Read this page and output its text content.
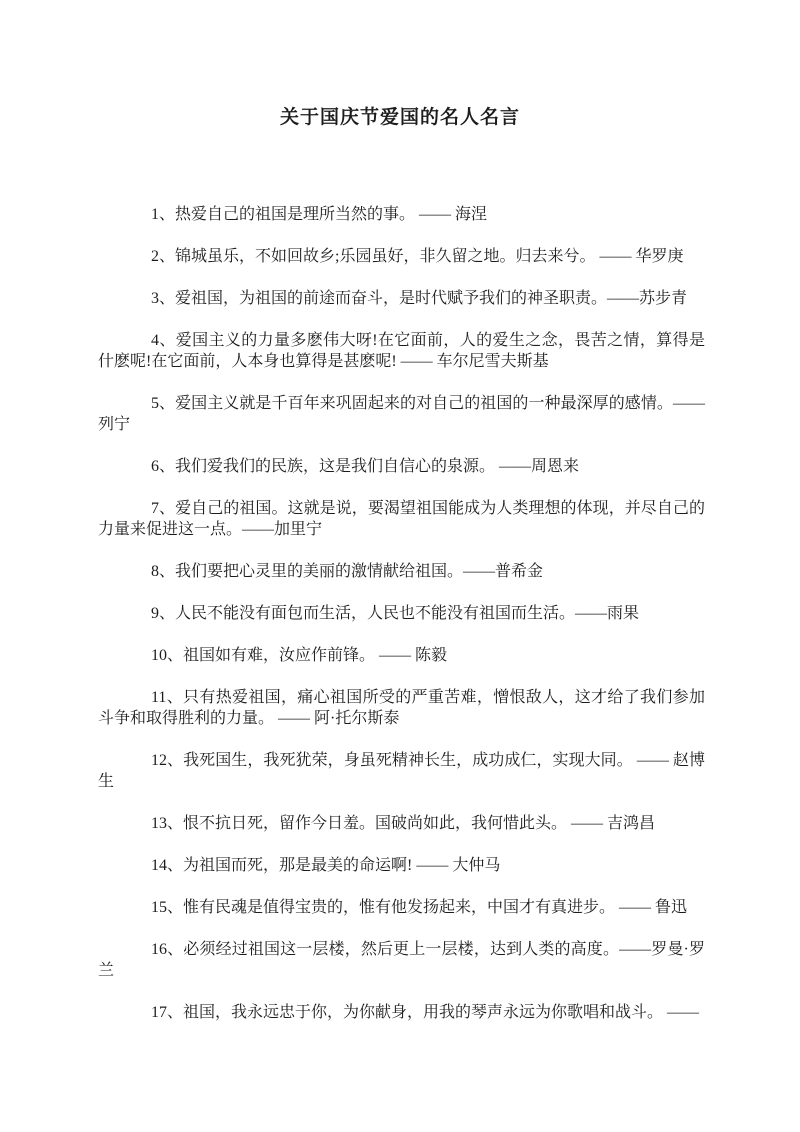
关于国庆节爱国的名人名言

1、热爱自己的祖国是理所当然的事。 —— 海涅

2、锦城虽乐，不如回故乡;乐园虽好，非久留之地。归去来兮。 —— 华罗庚

3、爱祖国，为祖国的前途而奋斗，是时代赋予我们的神圣职责。——苏步青

4、爱国主义的力量多麽伟大呀!在它面前，人的爱生之念，畏苦之情，算得是什麽呢!在它面前，人本身也算得是甚麽呢! —— 车尔尼雪夫斯基

5、爱国主义就是千百年来巩固起来的对自己的祖国的一种最深厚的感情。——列宁

6、我们爱我们的民族，这是我们自信心的泉源。 ——周恩来

7、爱自己的祖国。这就是说，要渴望祖国能成为人类理想的体现，并尽自己的力量来促进这一点。——加里宁

8、我们要把心灵里的美丽的激情献给祖国。——普希金

9、人民不能没有面包而生活，人民也不能没有祖国而生活。——雨果

10、祖国如有难，汝应作前锋。 —— 陈毅

11、只有热爱祖国，痛心祖国所受的严重苦难，憎恨敌人，这才给了我们参加斗争和取得胜利的力量。 —— 阿·托尔斯泰

12、我死国生，我死犹荣，身虽死精神长生，成功成仁，实现大同。 —— 赵博生

13、恨不抗日死，留作今日羞。国破尚如此，我何惜此头。 —— 吉鸿昌

14、为祖国而死，那是最美的命运啊! —— 大仲马

15、惟有民魂是值得宝贵的，惟有他发扬起来，中国才有真进步。 —— 鲁迅

16、必须经过祖国这一层楼，然后更上一层楼，达到人类的高度。——罗曼·罗兰

17、祖国，我永远忠于你，为你献身，用我的琴声永远为你歌唱和战斗。 ——
